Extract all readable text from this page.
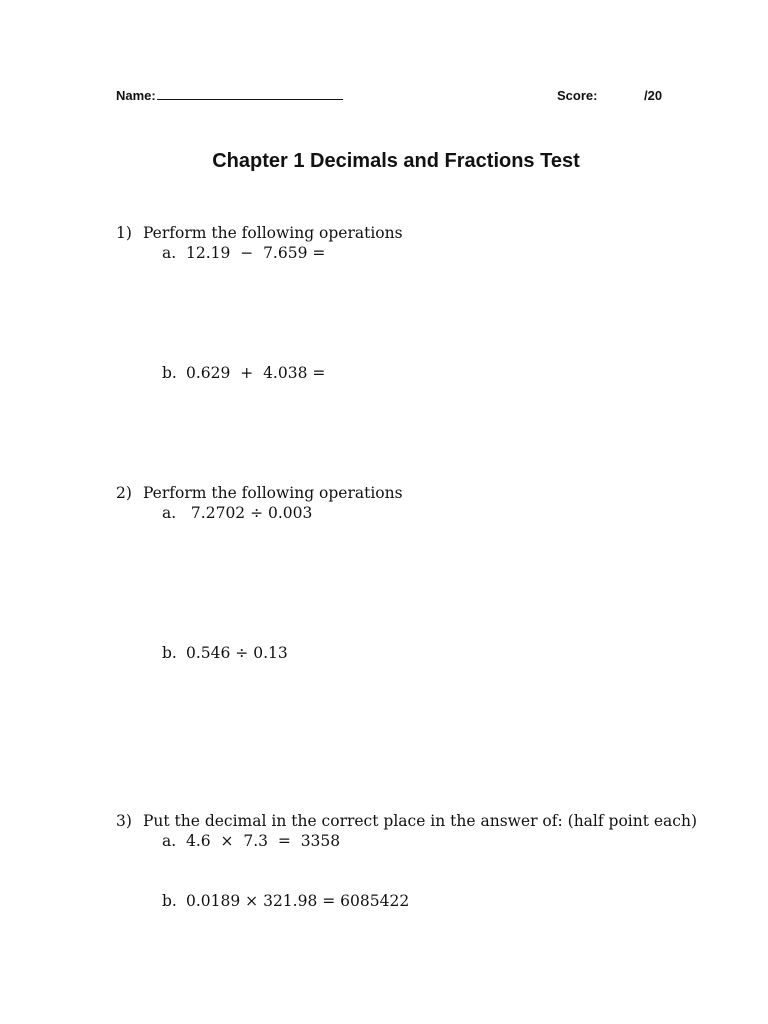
Name:	Score:	/20
Chapter 1 Decimals and Fractions Test
1) Perform the following operations
a. 12.19  −  7.659 =
b. 0.629  +  4.038 =
2) Perform the following operations
a. 7.2702 ÷ 0.003
b. 0.546 ÷ 0.13
3) Put the decimal in the correct place in the answer of: (half point each)
a. 4.6  ×  7.3  =  3358
b. 0.0189 × 321.98 = 6085422
